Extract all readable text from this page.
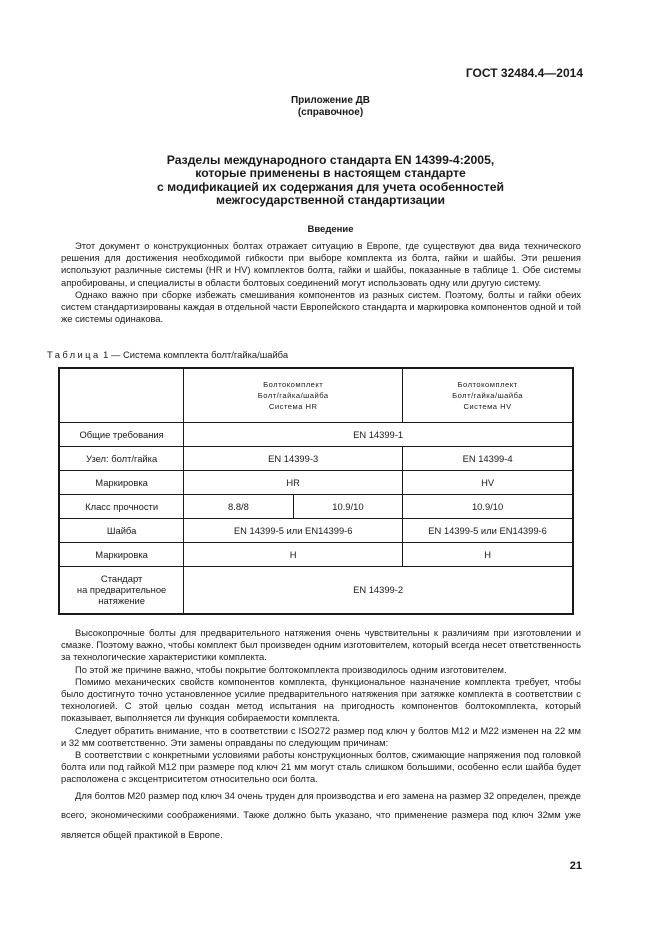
ГОСТ 32484.4—2014
Приложение ДВ
(справочное)
Разделы международного стандарта EN 14399-4:2005,
которые применены в настоящем стандарте
с модификацией их содержания для учета особенностей
межгосударственной стандартизации
Введение

Этот документ о конструкционных болтах отражает ситуацию в Европе, где существуют два вида технического решения для достижения необходимой гибкости при выборе комплекта из болта, гайки и шайбы. Эти решения используют различные системы (HR и HV) комплектов болта, гайки и шайбы, показанные в таблице 1. Обе системы апробированы, и специалисты в области болтовых соединений могут использовать одну или другую систему.

Однако важно при сборке избежать смешивания компонентов из разных систем. Поэтому, болты и гайки обеих систем стандартизированы каждая в отдельной части Европейского стандарта и маркировка компонентов одной и той же системы одинакова.

Таблица 1 — Система комплекта болт/гайка/шайба

	Болтокомплект
Болт/гайка/шайба
Система HR		Болтокомплект
Болт/гайка/шайба
Система HV

Общие требования	EN 14399-1		
Узел: болт/гайка	EN 14399-3		EN 14399-4
Маркировка	HR		HV
Класс прочности	8.8/8	10.9/10	10.9/10
Шайба	EN 14399-5 или EN14399-6		EN 14399-5 или EN14399-6
Маркировка	H		H

Стандарт
на предварительное
натяжение	EN 14399-2		

Высокопрочные болты для предварительного натяжения очень чувствительны к различиям при изготовлении и смазке. Поэтому важно, чтобы комплект был произведен одним изготовителем, который всегда несет ответственность за технологические характеристики комплекта.

По этой же причине важно, чтобы покрытие болтокомплекта производилось одним изготовителем.

Помимо механических свойств компонентов комплекта, функциональное назначение комплекта требует, чтобы было достигнуто точно установленное усилие предварительного натяжения при затяжке комплекта в соответствии с технологией. С этой целью создан метод испытания на пригодность компонентов болтокомплекта, который показывает, выполняется ли функция собираемости комплекта.

Следует обратить внимание, что в соответствии с ISO272 размер под ключ у болтов M12 и M22 изменен на 22 мм и 32 мм соответственно. Эти замены оправданы по следующим причинам:

В соответствии с конкретными условиями работы конструкционных болтов, сжимающие напряжения под головкой болта или под гайкой M12 при размере под ключ 21 мм могут сталь слишком большими, особенно если шайба будет расположена с эксцентриситетом относительно оси болта.

Для болтов M20 размер под ключ 34 очень труден для производства и его замена на размер 32 определен, прежде всего, экономическими соображениями. Также должно быть указано, что применение размера под ключ 32мм уже является общей практикой в Европе.

21
